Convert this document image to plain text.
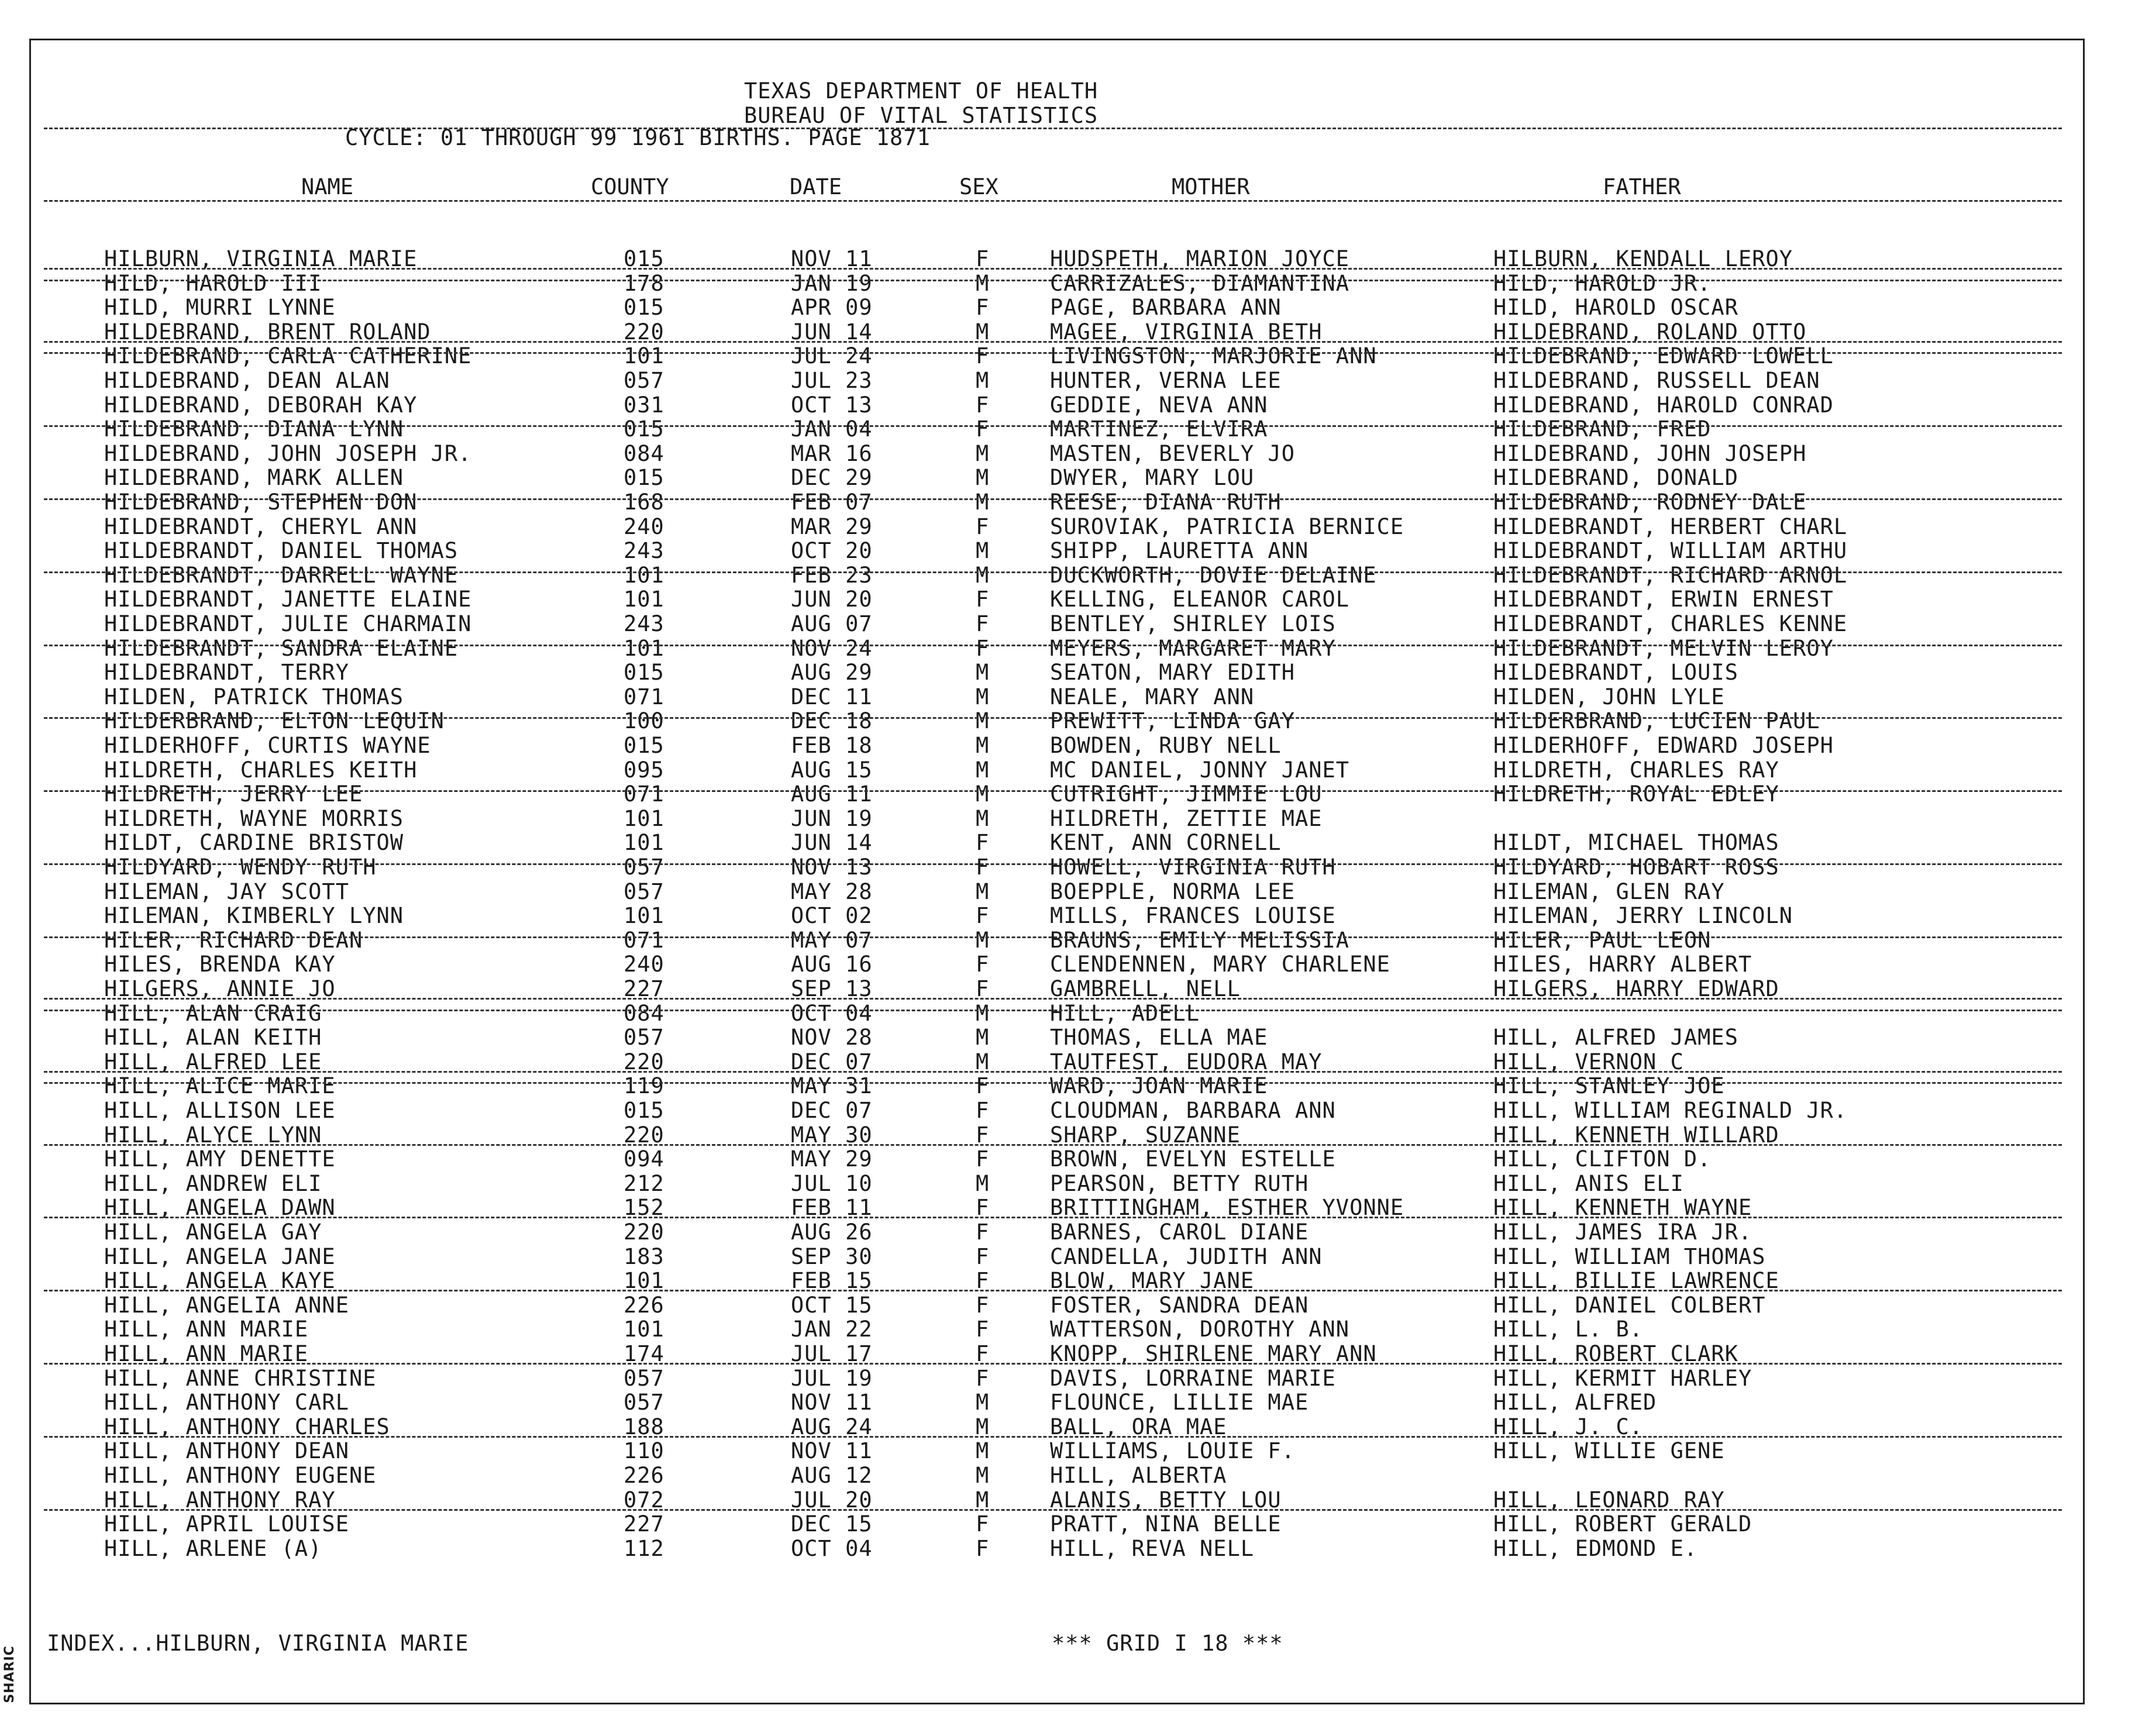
TEXAS DEPARTMENT OF HEALTH
BUREAU OF VITAL STATISTICS
CYCLE: 01 THROUGH 99 1961 BIRTHS. PAGE 1871
NAME	COUNTY	DATE	SEX	MOTHER	FATHER
HILBURN, VIRGINIA MARIE	015	NOV 11	F	HUDSPETH, MARION JOYCE	HILBURN, KENDALL LEROY
HILD, HAROLD III	178	JAN 19	M	CARRIZALES, DIAMANTINA	HILD, HAROLD JR.
HILD, MURRI LYNNE	015	APR 09	F	PAGE, BARBARA ANN	HILD, HAROLD OSCAR
HILDEBRAND, BRENT ROLAND	220	JUN 14	M	MAGEE, VIRGINIA BETH	HILDEBRAND, ROLAND OTTO
HILDEBRAND, CARLA CATHERINE	101	JUL 24	F	LIVINGSTON, MARJORIE ANN	HILDEBRAND, EDWARD LOWELL
HILDEBRAND, DEAN ALAN	057	JUL 23	M	HUNTER, VERNA LEE	HILDEBRAND, RUSSELL DEAN
HILDEBRAND, DEBORAH KAY	031	OCT 13	F	GEDDIE, NEVA ANN	HILDEBRAND, HAROLD CONRAD
HILDEBRAND, DIANA LYNN	015	JAN 04	F	MARTINEZ, ELVIRA	HILDEBRAND, FRED
HILDEBRAND, JOHN JOSEPH JR.	084	MAR 16	M	MASTEN, BEVERLY JO	HILDEBRAND, JOHN JOSEPH
HILDEBRAND, MARK ALLEN	015	DEC 29	M	DWYER, MARY LOU	HILDEBRAND, DONALD
HILDEBRAND, STEPHEN DON	168	FEB 07	M	REESE, DIANA RUTH	HILDEBRAND, RODNEY DALE
HILDEBRANDT, CHERYL ANN	240	MAR 29	F	SUROVIAK, PATRICIA BERNICE	HILDEBRANDT, HERBERT CHARL
HILDEBRANDT, DANIEL THOMAS	243	OCT 20	M	SHIPP, LAURETTA ANN	HILDEBRANDT, WILLIAM ARTHU
HILDEBRANDT, DARRELL WAYNE	101	FEB 23	M	DUCKWORTH, DOVIE DELAINE	HILDEBRANDT, RICHARD ARNOL
HILDEBRANDT, JANETTE ELAINE	101	JUN 20	F	KELLING, ELEANOR CAROL	HILDEBRANDT, ERWIN ERNEST
HILDEBRANDT, JULIE CHARMAIN	243	AUG 07	F	BENTLEY, SHIRLEY LOIS	HILDEBRANDT, CHARLES KENNE
HILDEBRANDT, SANDRA ELAINE	101	NOV 24	F	MEYERS, MARGARET MARY	HILDEBRANDT, MELVIN LEROY
HILDEBRANDT, TERRY	015	AUG 29	M	SEATON, MARY EDITH	HILDEBRANDT, LOUIS
HILDEN, PATRICK THOMAS	071	DEC 11	M	NEALE, MARY ANN	HILDEN, JOHN LYLE
HILDERBRAND, ELTON LEQUIN	100	DEC 18	M	PREWITT, LINDA GAY	HILDERBRAND, LUCIEN PAUL
HILDERHOFF, CURTIS WAYNE	015	FEB 18	M	BOWDEN, RUBY NELL	HILDERHOFF, EDWARD JOSEPH
HILDRETH, CHARLES KEITH	095	AUG 15	M	MC DANIEL, JONNY JANET	HILDRETH, CHARLES RAY
HILDRETH, JERRY LEE	071	AUG 11	M	CUTRIGHT, JIMMIE LOU	HILDRETH, ROYAL EDLEY
HILDRETH, WAYNE MORRIS	101	JUN 19	M	HILDRETH, ZETTIE MAE
HILDT, CARDINE BRISTOW	101	JUN 14	F	KENT, ANN CORNELL	HILDT, MICHAEL THOMAS
HILDYARD, WENDY RUTH	057	NOV 13	F	HOWELL, VIRGINIA RUTH	HILDYARD, HOBART ROSS
HILEMAN, JAY SCOTT	057	MAY 28	M	BOEPPLE, NORMA LEE	HILEMAN, GLEN RAY
HILEMAN, KIMBERLY LYNN	101	OCT 02	F	MILLS, FRANCES LOUISE	HILEMAN, JERRY LINCOLN
HILER, RICHARD DEAN	071	MAY 07	M	BRAUNS, EMILY MELISSIA	HILER, PAUL LEON
HILES, BRENDA KAY	240	AUG 16	F	CLENDENNEN, MARY CHARLENE	HILES, HARRY ALBERT
HILGERS, ANNIE JO	227	SEP 13	F	GAMBRELL, NELL	HILGERS, HARRY EDWARD
HILL, ALAN CRAIG	084	OCT 04	M	HILL, ADELL
HILL, ALAN KEITH	057	NOV 28	M	THOMAS, ELLA MAE	HILL, ALFRED JAMES
HILL, ALFRED LEE	220	DEC 07	M	TAUTFEST, EUDORA MAY	HILL, VERNON C
HILL, ALICE MARIE	119	MAY 31	F	WARD, JOAN MARIE	HILL, STANLEY JOE
HILL, ALLISON LEE	015	DEC 07	F	CLOUDMAN, BARBARA ANN	HILL, WILLIAM REGINALD JR.
HILL, ALYCE LYNN	220	MAY 30	F	SHARP, SUZANNE	HILL, KENNETH WILLARD
HILL, AMY DENETTE	094	MAY 29	F	BROWN, EVELYN ESTELLE	HILL, CLIFTON D.
HILL, ANDREW ELI	212	JUL 10	M	PEARSON, BETTY RUTH	HILL, ANIS ELI
HILL, ANGELA DAWN	152	FEB 11	F	BRITTINGHAM, ESTHER YVONNE	HILL, KENNETH WAYNE
HILL, ANGELA GAY	220	AUG 26	F	BARNES, CAROL DIANE	HILL, JAMES IRA JR.
HILL, ANGELA JANE	183	SEP 30	F	CANDELLA, JUDITH ANN	HILL, WILLIAM THOMAS
HILL, ANGELA KAYE	101	FEB 15	F	BLOW, MARY JANE	HILL, BILLIE LAWRENCE
HILL, ANGELIA ANNE	226	OCT 15	F	FOSTER, SANDRA DEAN	HILL, DANIEL COLBERT
HILL, ANN MARIE	101	JAN 22	F	WATTERSON, DOROTHY ANN	HILL, L. B.
HILL, ANN MARIE	174	JUL 17	F	KNOPP, SHIRLENE MARY ANN	HILL, ROBERT CLARK
HILL, ANNE CHRISTINE	057	JUL 19	F	DAVIS, LORRAINE MARIE	HILL, KERMIT HARLEY
HILL, ANTHONY CARL	057	NOV 11	M	FLOUNCE, LILLIE MAE	HILL, ALFRED
HILL, ANTHONY CHARLES	188	AUG 24	M	BALL, ORA MAE	HILL, J. C.
HILL, ANTHONY DEAN	110	NOV 11	M	WILLIAMS, LOUIE F.	HILL, WILLIE GENE
HILL, ANTHONY EUGENE	226	AUG 12	M	HILL, ALBERTA
HILL, ANTHONY RAY	072	JUL 20	M	ALANIS, BETTY LOU	HILL, LEONARD RAY
HILL, APRIL LOUISE	227	DEC 15	F	PRATT, NINA BELLE	HILL, ROBERT GERALD
HILL, ARLENE (A)	112	OCT 04	F	HILL, REVA NELL	HILL, EDMOND E.
INDEX...HILBURN, VIRGINIA MARIE	*** GRID I 18 ***
SHARIC
